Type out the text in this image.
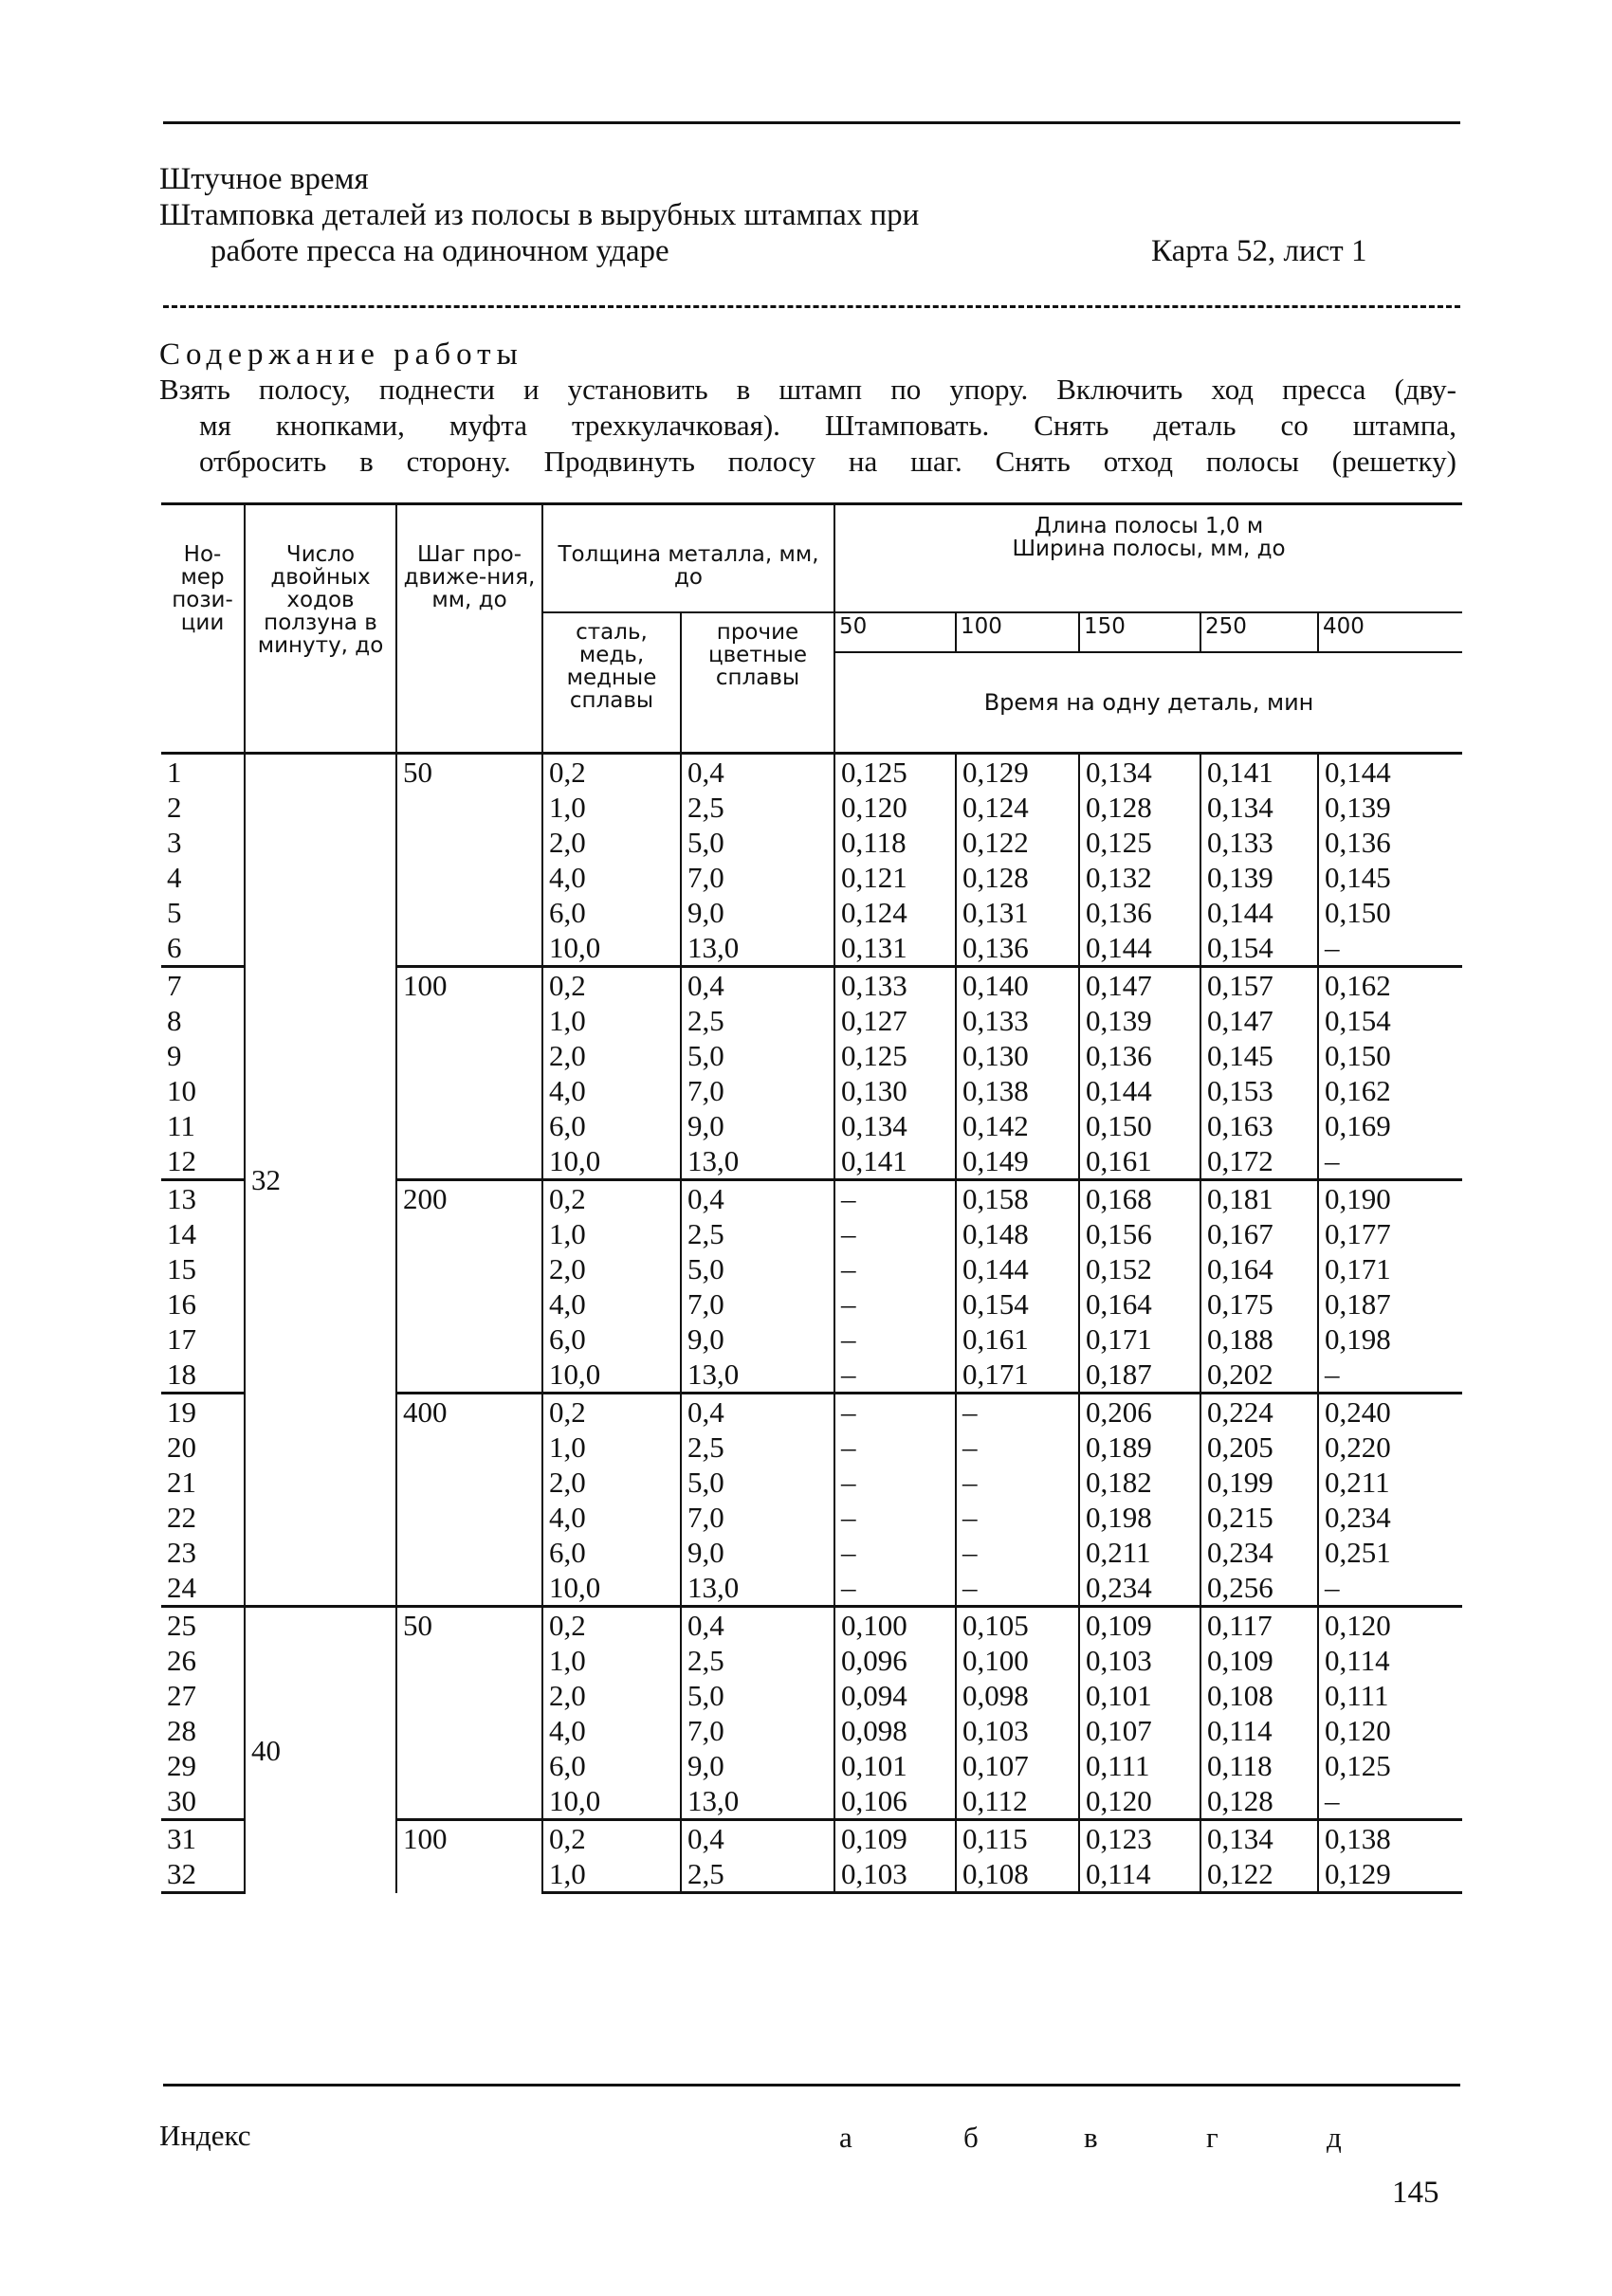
Штучное время
Штамповка деталей из полосы в вырубных штампах при
работе пресса на одиночном ударе	Карта 52, лист 1
Содержание работы
Взять полосу, поднести и установить в штамп по упору. Включить ход пресса (дву-
мя кнопками, муфта трехкулачковая). Штамповать. Снять деталь со штампа,
отбросить в сторону. Продвинуть полосу на шаг. Снять отход полосы (решетку)
Но-мер пози-ции	Число двойных ходов ползуна в минуту, до	Шаг про-движе-ния, мм, до	Толщина металла, мм, до		Длина полосы 1,0 м
Ширина полосы, мм, до				

			сталь, медь, медные сплавы	прочие цветные сплавы	50	100	150	250	400
					Время на одну деталь, мин				
1	32	50	0,2	0,4	0,125	0,129	0,134	0,141	0,144
2			1,0	2,5	0,120	0,124	0,128	0,134	0,139
3			2,0	5,0	0,118	0,122	0,125	0,133	0,136
4			4,0	7,0	0,121	0,128	0,132	0,139	0,145
5			6,0	9,0	0,124	0,131	0,136	0,144	0,150
6			10,0	13,0	0,131	0,136	0,144	0,154	–
7		100	0,2	0,4	0,133	0,140	0,147	0,157	0,162
8			1,0	2,5	0,127	0,133	0,139	0,147	0,154
9			2,0	5,0	0,125	0,130	0,136	0,145	0,150
10			4,0	7,0	0,130	0,138	0,144	0,153	0,162
11			6,0	9,0	0,134	0,142	0,150	0,163	0,169
12			10,0	13,0	0,141	0,149	0,161	0,172	–
13		200	0,2	0,4	–	0,158	0,168	0,181	0,190
14			1,0	2,5	–	0,148	0,156	0,167	0,177
15			2,0	5,0	–	0,144	0,152	0,164	0,171
16			4,0	7,0	–	0,154	0,164	0,175	0,187
17			6,0	9,0	–	0,161	0,171	0,188	0,198
18			10,0	13,0	–	0,171	0,187	0,202	–
19		400	0,2	0,4	–	–	0,206	0,224	0,240
20			1,0	2,5	–	–	0,189	0,205	0,220
21			2,0	5,0	–	–	0,182	0,199	0,211
22			4,0	7,0	–	–	0,198	0,215	0,234
23			6,0	9,0	–	–	0,211	0,234	0,251
24			10,0	13,0	–	–	0,234	0,256	–
25	40	50	0,2	0,4	0,100	0,105	0,109	0,117	0,120
26			1,0	2,5	0,096	0,100	0,103	0,109	0,114
27			2,0	5,0	0,094	0,098	0,101	0,108	0,111
28			4,0	7,0	0,098	0,103	0,107	0,114	0,120
29			6,0	9,0	0,101	0,107	0,111	0,118	0,125
30			10,0	13,0	0,106	0,112	0,120	0,128	–
31		100	0,2	0,4	0,109	0,115	0,123	0,134	0,138
32			1,0	2,5	0,103	0,108	0,114	0,122	0,129
Индекс	а	б	в	г	д
145
